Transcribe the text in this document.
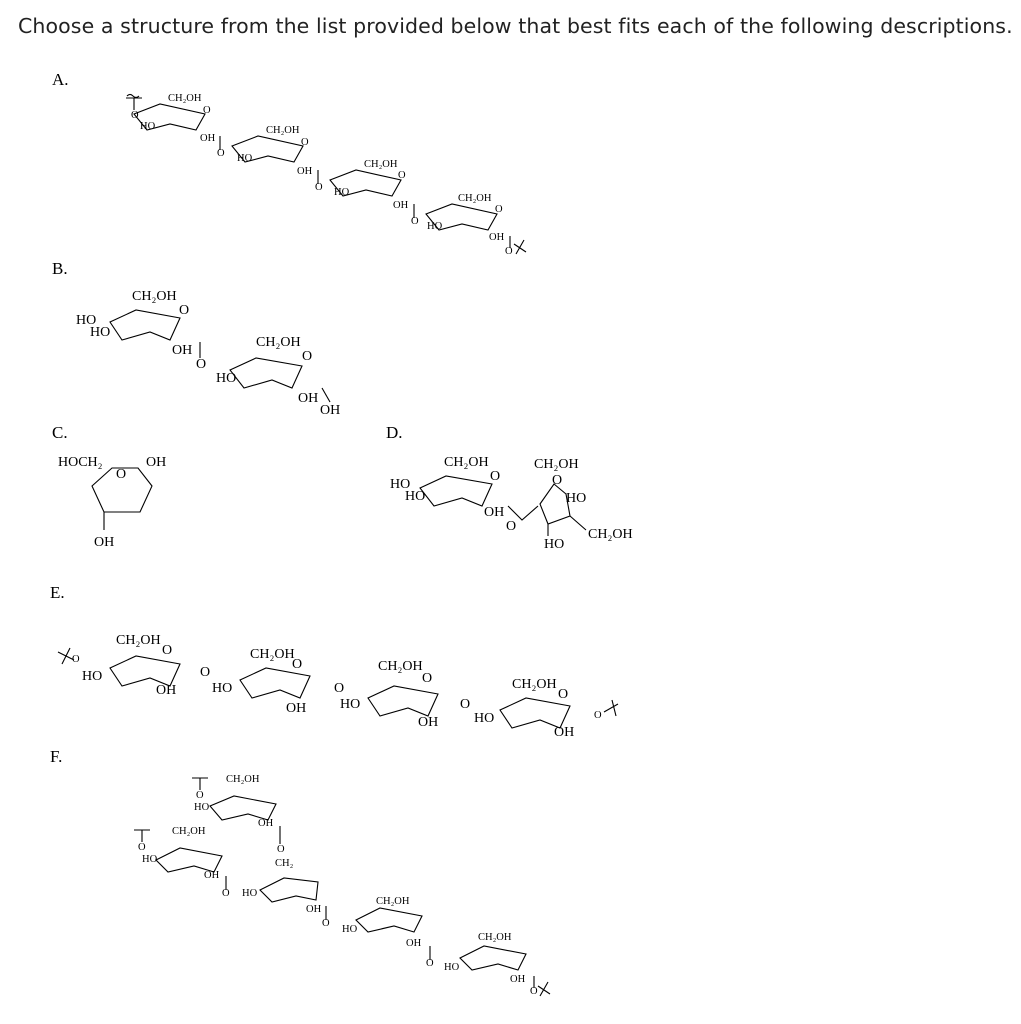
Choose a structure from the list provided below that best fits each of the following descriptions.
A.
B.
C.	D.
E.
F.
O
CH₂OH
HO
OH
O
O
CH₂OH
HO
OH
O
O
CH₂OH
HO
OH
O
O
CH₂OH
HO
OH
O
O
CH₂OH
O
HO
HO
OH
O
CH₂OH
O
HO
OH
OH
HOCH₂
O
OH
OH
CH₂OH
O
HO
HO
OH
O
CH₂OH
O
HO
HO
CH₂OH
O
CH₂OH
O
HO
OH
O
CH₂OH
O
HO
OH
O
CH₂OH
O
HO
OH
O
CH₂OH
O
HO
OH
O
O
CH₂OH
HO
OH
O
CH₂
O
CH₂OH
HO
OH
O HO
OH
O
CH₂OH
HO
OH
O
CH₂OH
HO
OH
O
